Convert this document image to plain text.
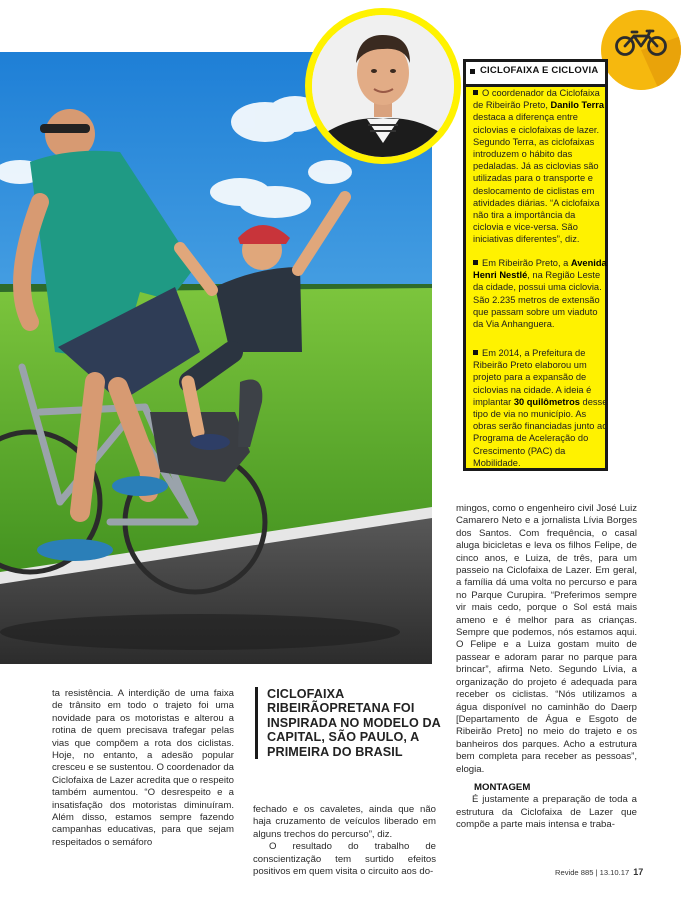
CICLOFAIXA E CICLOVIA
O coordenador da Ciclofaixa de Ribeirão Preto, Danilo Terra, destaca a diferença entre ciclovias e ciclofaixas de lazer. Segundo Terra, as ciclofaixas introduzem o hábito das pedaladas. Já as ciclovias são utilizadas para o transporte e deslocamento de ciclistas em atividades diárias. “A ciclofaixa não tira a importância da ciclovia e vice-versa. São iniciativas diferentes”, diz.
Em Ribeirão Preto, a Avenida Henri Nestlé, na Região Leste da cidade, possui uma ciclovia. São 2.235 metros de extensão que passam sobre um viaduto da Via Anhanguera.
Em 2014, a Prefeitura de Ribeirão Preto elaborou um projeto para a expansão de ciclovias na cidade. A ideia é implantar 30 quilômetros desse tipo de via no município. As obras serão financiadas junto ao Programa de Aceleração do Crescimento (PAC) da Mobilidade.
CICLOFAIXA RIBEIRÃOPRETANA FOI INSPIRADA NO MODELO DA CAPITAL, SÃO PAULO, A PRIMEIRA DO BRASIL

ta resistência. A interdição de uma faixa de trânsito em todo o trajeto foi uma novidade para os motoristas e alterou a rotina de quem precisava trafegar pelas vias que compõem a rota dos ciclistas. Hoje, no entanto, a adesão popular cresceu e se sustentou. O coordenador da Ciclofaixa de Lazer acredita que o respeito também aumentou. “O desrespeito e a insatisfação dos motoristas diminuíram. Além disso, estamos sempre fazendo campanhas educativas, para que sejam respeitados o semáforo

fechado e os cavaletes, ainda que não haja cruzamento de veículos liberado em alguns trechos do percurso”, diz.

O resultado do trabalho de conscientização tem surtido efeitos positivos em quem visita o circuito aos do-

mingos, como o engenheiro civil José Luiz Camarero Neto e a jornalista Lívia Borges dos Santos. Com frequência, o casal aluga bicicletas e leva os filhos Felipe, de cinco anos, e Luiza, de três, para um passeio na Ciclofaixa de Lazer. Em geral, a família dá uma volta no percurso e para no Parque Curupira. “Preferimos sempre vir mais cedo, porque o Sol está mais ameno e é melhor para as crianças. Sempre que podemos, nós estamos aqui. O Felipe e a Luiza gostam muito de passear e adoram parar no parque para brincar”, afirma Neto. Segundo Lívia, a organização do projeto é adequada para receber os ciclistas. “Nós utilizamos a água disponível no caminhão do Daerp [Departamento de Água e Esgoto de Ribeirão Preto] no meio do trajeto e os banheiros dos parques. Acho a estrutura bem completa para receber as pessoas”, elogia.

MONTAGEM

É justamente a preparação de toda a estrutura da Ciclofaixa de Lazer que compõe a parte mais intensa e traba-

Revide 885 | 13.10.17 17
